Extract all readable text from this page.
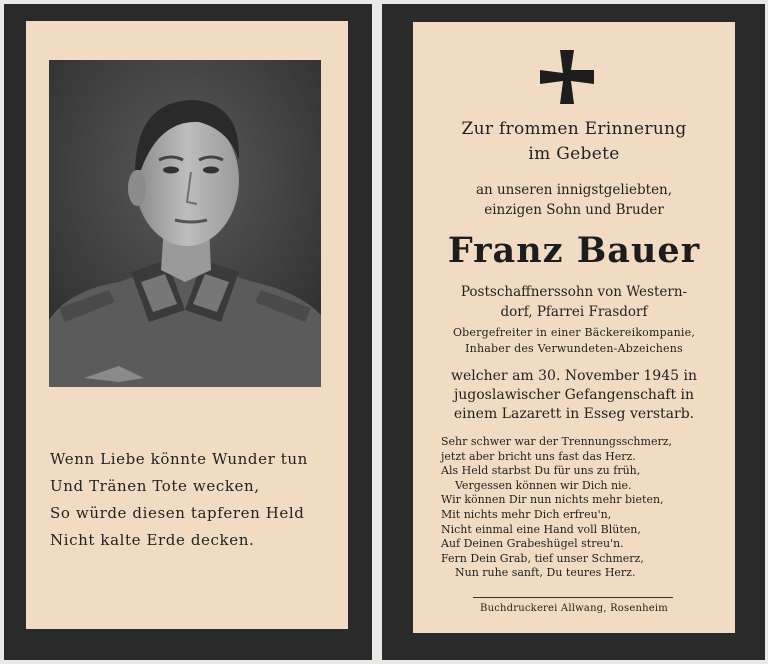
Wenn Liebe könnte Wunder tun
Und Tränen Tote wecken,
So würde diesen tapferen Held
Nicht kalte Erde decken.
Zur frommen Erinnerung
im Gebete
an unseren innigstgeliebten,
einzigen Sohn und Bruder
Franz Bauer
Postschaffnerssohn von Western-
dorf, Pfarrei Frasdorf
Obergefreiter in einer Bäckereikompanie,
Inhaber des Verwundeten-Abzeichens
welcher am 30. November 1945 in
jugoslawischer Gefangenschaft in
einem Lazarett in Esseg verstarb.
Sehr schwer war der Trennungsschmerz,
jetzt aber bricht uns fast das Herz.
Als Held starbst Du für uns zu früh,
Vergessen können wir Dich nie.
Wir können Dir nun nichts mehr bieten,
Mit nichts mehr Dich erfreu'n,
Nicht einmal eine Hand voll Blüten,
Auf Deinen Grabeshügel streu'n.
Fern Dein Grab, tief unser Schmerz,
Nun ruhe sanft, Du teures Herz.
Buchdruckerei Allwang, Rosenheim
